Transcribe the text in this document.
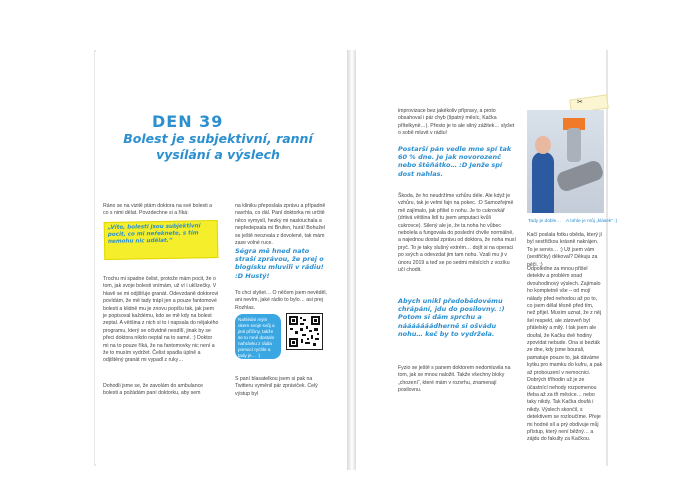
DEN 39
Bolest je subjektivní, ranní vysílání a výslech
Ráno se na vizitě ptám doktora na své bolesti a co s nimi dělat. Povzdechne si a říká:
„Víte, bolesti jsou subjektivní pocit, co mi neřeknete, s tím nemohu nic udělat.“
Trochu mi spadne čelist, protože mám pocit, že o tom, jak svoje bolesti vnímám, už ví i uklízečky. V hlavě se mi odjišťuje granát. Odevzdaně doktorovi povídám, že mě tady trápí jen a pouze fantomové bolesti a klidně mu je znovu popíšu tak, jak jsem je popisoval každému, kdo se mě kdy na bolest zeptal. A většina z nich si to i napsala do nějakého programu, který se očividně nesdílí, jinak by se přeci doktora nikdo neptal na to samé. :) Doktor mi na to pouze říká, že na fantomovky nic není a že to musím vydržet. Čelist spadla úplně a odjištěný granát mi vypadl z ruky…
Dohodli jsme se, že zavolám do ambulance bolesti a požádám paní doktorku, aby sem
na kliniku přeposlala zprávu a případně navrhla, co dál. Paní doktorka mi určitě něco vymyslí, hezky mi naslouchala a nepředepsala mi Brufen, hurá! Bohužel se ještě neozvala z dovolené, tak mám zase volné ruce.
Ségra mě hned nato straší zprávou, že prej o blogísku mluvili v rádiu! :D Hustý!
To chci slyšet… O něčem jsem nevěděl, ani nevím, jaké rádio to bylo… asi prej Rozhlas.
Nahlédni mým okem svoje svůj a jiné příčiny, takže se tu mně dostalo nahrávku z rádia pomocí rychle a tady je… :)
S paní blasatelkou jsem si pak na Twitteru vyměnil pár zpráviček. Celý výstup byl
improvizace bez jakékoliv přípravy, a proto obsahoval i pár chyb (špatný měsíc, Kačka přítelkyně…). Přesto je to ale silný zážitek… slyšet o sobě mluvit v rádiu!
Postarší pán vedle mne spí tak 60 % dne. Je jak novorozenč nebo štěňátko… :D Jenže spí dost nahlas.
Škoda, že ho neudržíme vzhůru déle. Ale když je vzhůru, tak je velmi fajn na pokec. :D Samozřejmě mě zajímalo, jak přišel o nohu. Je to cukrovkář (drtivá většina lidí tu jsem amputaci kvůli cukrovce). Silený ale je, že ta noha ho vůbec nebolela a fungovala do poslední chvíle normálně, a najednou dostal zprávu od doktora, že noha musí pryč. To je taky slušný extrém… dojít si na operaci po svých a odevzdat jim tam nohu. Vzali mu ji v únoru 2019 a teď se po sedmi měsících z vozíku učí chodit.
Abych unikl předobědovému chrápání, jdu do posilovny. :) Potom si dám sprchu a nááááááádherně si ošvádu nohu… keč by to vydržela.
Fyzio se ještě s panem doktorem nedomluvila na tom, jak se mnou naložit. Takže všechny bloky „chození“, které mám v rozvrhu, znamenají posilovnu.
✂
Tady je doble… A tohle je můj „klásek“ :)
Kačí poslala fotku oběda, který jí byl sestřičkou krásně nakrájen. To je servis… :) Už jsem vám (sestřičky) děkoval? Děkuju za péči. :)
Odpoledne za mnou přišel detektiv a problém snad dvouhodinový výslech. Zajímalo ho kompletně vše – od mojí nálady před nehodou až po to, co jsem dělal těsně před tím, než přijel. Musím uznat, že z něj šel respekt, ale zároveň byl přátelský a milý. I tak jsem ale doufal, že Kačku dvě hodiny zpovídat nebude. Ona si bezták ze dne, kdy jsme bourali, pamatuje pouze to, jak dáváme kytku pro mamku do kufru, a pak až probouzení v nemocnici. Dobrých tříhodin už je ze účastnící nehody rozpomenou třeba až za tři měsíce… nebo taky nikdy. Tak Kačka doufá i nikdy. Výslech skončil, s detektivem se rozloučíme. Přeje mi hodně síl a prý obdivuje můj přístup, který není běžný… a zájdu do fakulty za Kačkou.
